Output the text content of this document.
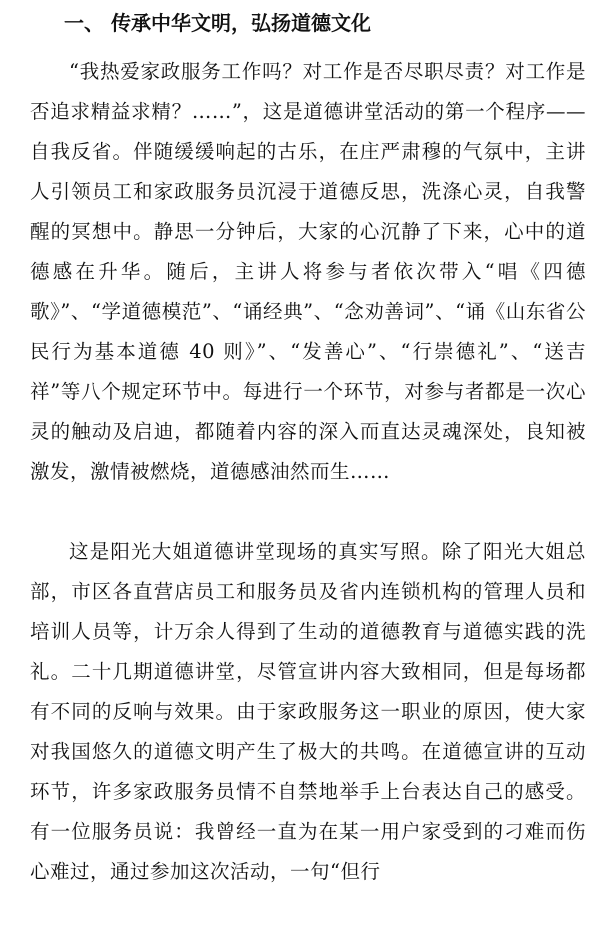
一、 传承中华文明，弘扬道德文化

“我热爱家政服务工作吗？对工作是否尽职尽责？对工作是否追求精益求精？……”，这是道德讲堂活动的第一个程序——自我反省。伴随缓缓响起的古乐，在庄严肃穆的气氛中，主讲人引领员工和家政服务员沉浸于道德反思，洗涤心灵，自我警醒的冥想中。静思一分钟后，大家的心沉静了下来，心中的道德感在升华。随后，主讲人将参与者依次带入“唱《四德歌》”、“学道德模范”、“诵经典”、“念劝善词”、“诵《山东省公民行为基本道德 40 则》”、“发善心”、“行崇德礼”、“送吉祥”等八个规定环节中。每进行一个环节，对参与者都是一次心灵的触动及启迪，都随着内容的深入而直达灵魂深处，良知被激发，激情被燃烧，道德感油然而生……

这是阳光大姐道德讲堂现场的真实写照。除了阳光大姐总部，市区各直营店员工和服务员及省内连锁机构的管理人员和培训人员等，计万余人得到了生动的道德教育与道德实践的洗礼。二十几期道德讲堂，尽管宣讲内容大致相同，但是每场都有不同的反响与效果。由于家政服务这一职业的原因，使大家对我国悠久的道德文明产生了极大的共鸣。在道德宣讲的互动环节，许多家政服务员情不自禁地举手上台表达自己的感受。有一位服务员说：我曾经一直为在某一用户家受到的刁难而伤心难过，通过参加这次活动，一句“但行
